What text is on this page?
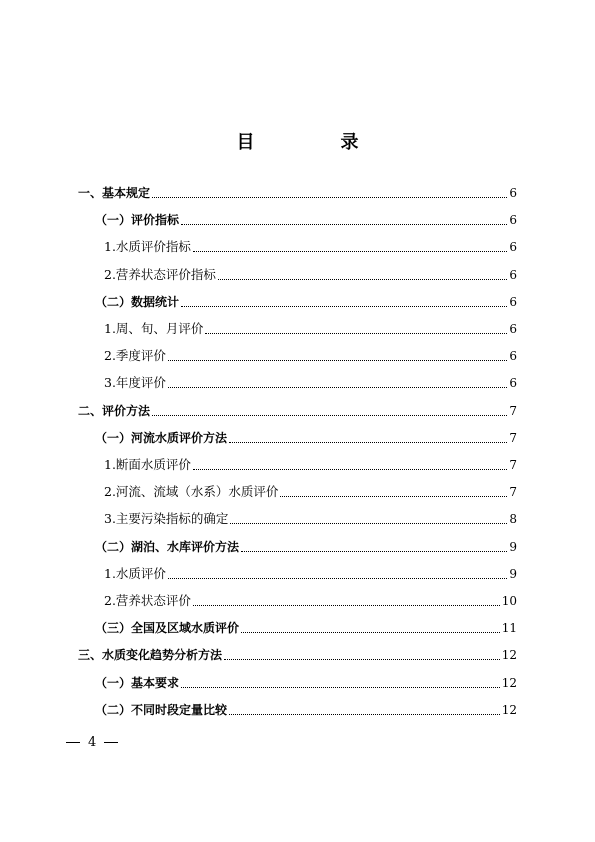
目　录
一、基本规定	6
（一）评价指标	6
1.水质评价指标	6
2.营养状态评价指标	6
（二）数据统计	6
1.周、旬、月评价	6
2.季度评价	6
3.年度评价	6
二、评价方法	7
（一）河流水质评价方法	7
1.断面水质评价	7
2.河流、流域（水系）水质评价	7
3.主要污染指标的确定	8
（二）湖泊、水库评价方法	9
1.水质评价	9
2.营养状态评价	10
（三）全国及区域水质评价	11
三、水质变化趋势分析方法	12
（一）基本要求	12
（二）不同时段定量比较	12
4
